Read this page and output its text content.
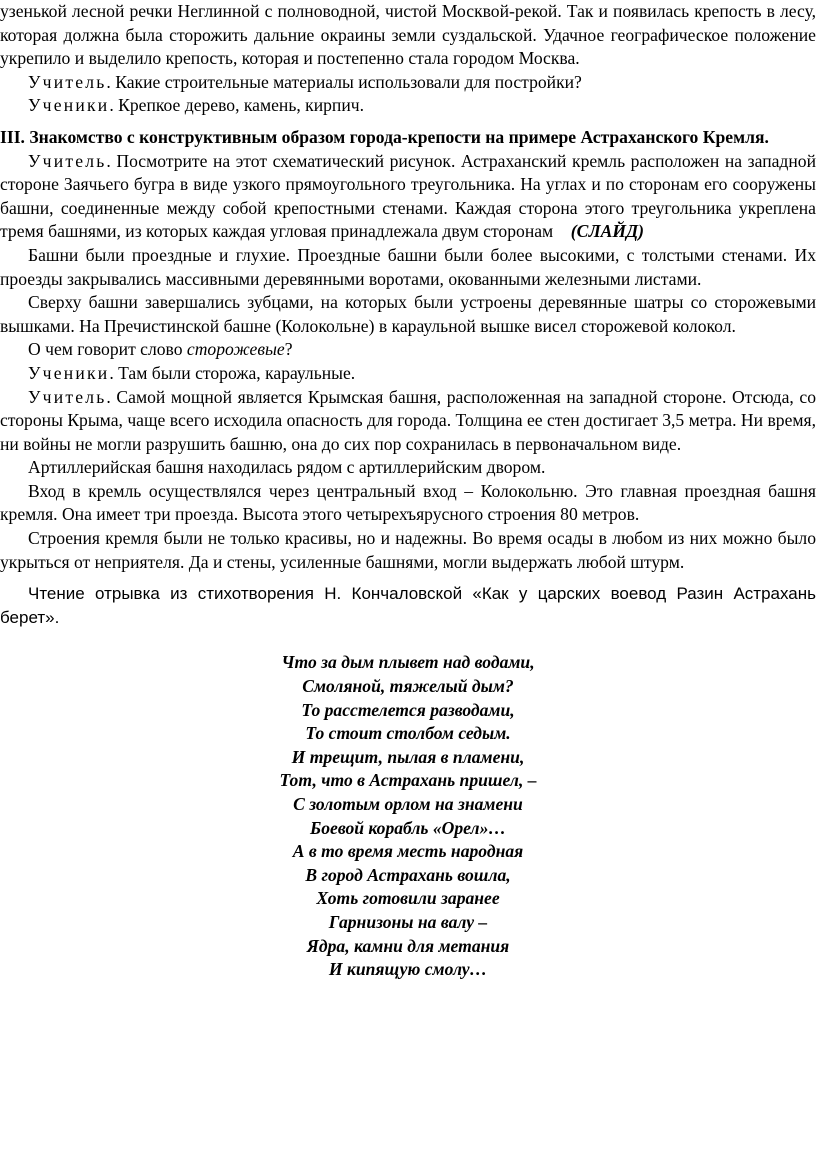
узенькой лесной речки Неглинной с полноводной, чистой Москвой-рекой. Так и появилась крепость в лесу, которая должна была сторожить дальние окраины земли суздальской. Удачное географическое положение укрепило и выделило крепость, которая и постепенно стала городом Москва.

Учитель. Какие строительные материалы использовали для постройки?

Ученики. Крепкое дерево, камень, кирпич.

III. Знакомство с конструктивным образом города-крепости на примере Астраханского Кремля.

Учитель. Посмотрите на этот схематический рисунок. Астраханский кремль расположен на западной стороне Заячьего бугра в виде узкого прямоугольного треугольника. На углах и по сторонам его сооружены башни, соединенные между собой крепостными стенами. Каждая сторона этого треугольника укреплена тремя башнями, из которых каждая угловая принадлежала двум сторонам (СЛАЙД)

Башни были проездные и глухие. Проездные башни были более высокими, с толстыми стенами. Их проезды закрывались массивными деревянными воротами, окованными железными листами.

Сверху башни завершались зубцами, на которых были устроены деревянные шатры со сторожевыми вышками. На Пречистинской башне (Колокольне) в караульной вышке висел сторожевой колокол.

О чем говорит слово сторожевые?

Ученики. Там были сторожа, караульные.

Учитель. Самой мощной является Крымская башня, расположенная на западной стороне. Отсюда, со стороны Крыма, чаще всего исходила опасность для города. Толщина ее стен достигает 3,5 метра. Ни время, ни войны не могли разрушить башню, она до сих пор сохранилась в первоначальном виде.

Артиллерийская башня находилась рядом с артиллерийским двором.

Вход в кремль осуществлялся через центральный вход – Колокольню. Это главная проездная башня кремля. Она имеет три проезда. Высота этого четырехъярусного строения 80 метров.

Строения кремля были не только красивы, но и надежны. Во время осады в любом из них можно было укрыться от неприятеля. Да и стены, усиленные башнями, могли выдержать любой штурм.

Чтение отрывка из стихотворения Н. Кончаловской «Как у царских воевод Разин Астрахань берет».

Что за дым плывет над водами,
Смоляной, тяжелый дым?
То расстелется разводами,
То стоит столбом седым.
И трещит, пылая в пламени,
Тот, что в Астрахань пришел, –
С золотым орлом на знамени
Боевой корабль «Орел»…
А в то время месть народная
В город Астрахань вошла,
Хоть готовили заранее
Гарнизоны на валу –
Ядра, камни для метания
И кипящую смолу…
